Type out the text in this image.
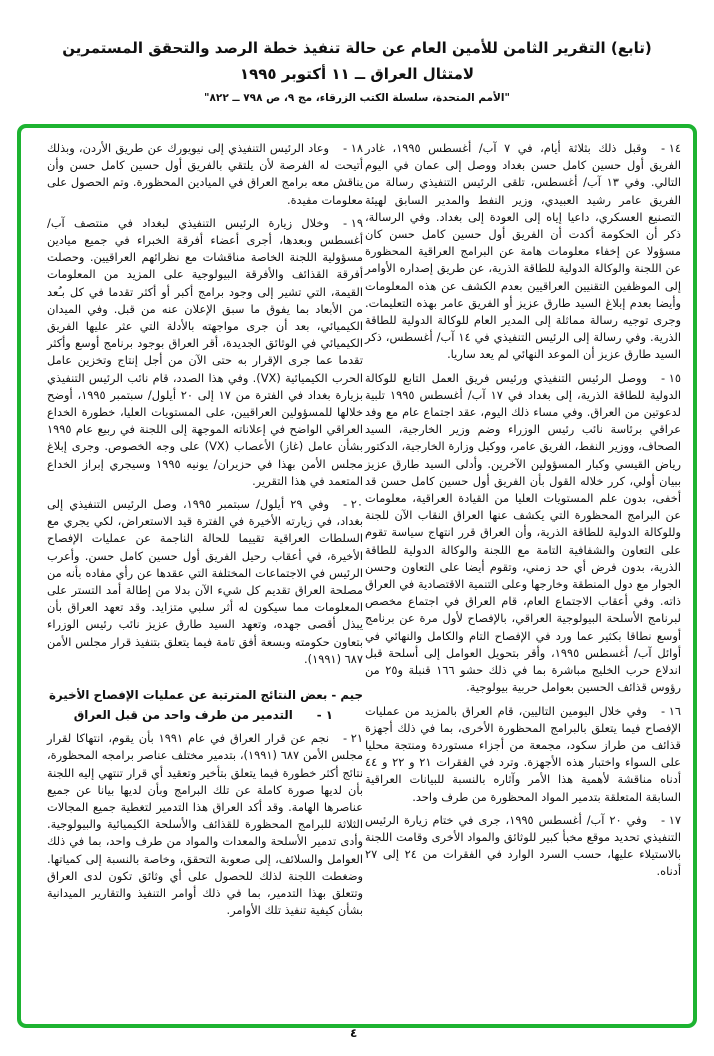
(تابع) التقرير الثامن للأمين العام عن حالة تنفيذ خطة الرصد والتحقق المستمرين
لامتثال العراق ــ ١١ أكتوبر ١٩٩٥
"الأمم المتحدة، سلسلة الكتب الزرقاء، مج ٩، ص ٧٩٨ ــ ٨٢٢"

١٤ -وقبل ذلك بثلاثة أيام، في ٧ آب/ أغسطس ١٩٩٥، غادر الفريق أول حسين كامل حسن بغداد ووصل إلى عمان في اليوم التالي. وفي ١٣ آب/ أغسطس، تلقى الرئيس التنفيذي رسالة من الفريق عامر رشيد العبيدي، وزير النفط والمدير السابق لهيئة التصنيع العسكري، داعيا إياه إلى العودة إلى بغداد. وفي الرسالة، ذكر أن الحكومة أكدت أن الفريق أول حسين كامل حسن كان مسؤولا عن إخفاء معلومات هامة عن البرامج العراقية المحظورة عن اللجنة والوكالة الدولية للطاقة الذرية، عن طريق إصداره الأوامر إلى الموظفين التقنيين العراقيين بعدم الكشف عن هذه المعلومات وأيضا بعدم إبلاغ السيد طارق عزيز أو الفريق عامر بهذه التعليمات. وجرى توجيه رسالة مماثلة إلى المدير العام للوكالة الدولية للطاقة الذرية. وفي رسالة إلى الرئيس التنفيذي في ١٤ آب/ أغسطس، ذكر السيد طارق عزيز أن الموعد النهائي لم يعد ساريا.

١٥ -ووصل الرئيس التنفيذي ورئيس فريق العمل التابع للوكالة الدولية للطاقة الذرية، إلى بغداد في ١٧ آب/ أغسطس ١٩٩٥ تلبية لدعوتين من العراق. وفي مساء ذلك اليوم، عقد اجتماع عام مع وفد عراقي برئاسة نائب رئيس الوزراء وضم وزير الخارجية، السيد الصحاف، ووزير النفط، الفريق عامر، ووكيل وزارة الخارجية، الدكتور رياض القيسي وكبار المسؤولين الآخرين. وأدلى السيد طارق عزيز ببيان أولي، كرر خلاله القول بأن الفريق أول حسين كامل حسن قد أخفى، بدون علم المستويات العليا من القيادة العراقية، معلومات عن البرامج المحظورة التي يكشف عنها العراق النقاب الآن للجنة وللوكالة الدولية للطاقة الذرية، وأن العراق قرر انتهاج سياسة تقوم على التعاون والشفافية التامة مع اللجنة والوكالة الدولية للطاقة الذرية، بدون فرض أي حد زمني، وتقوم أيضا على التعاون وحسن الجوار مع دول المنطقة وخارجها وعلى التنمية الاقتصادية في العراق ذاته. وفي أعقاب الاجتماع العام، قام العراق في اجتماع مخصص لبرنامج الأسلحة البيولوجية العراقي، بالإفصاح لأول مرة عن برنامج أوسع نطاقا بكثير عما ورد في الإفصاح التام والكامل والنهائي في أوائل آب/ أغسطس ١٩٩٥، وأقر بتحويل العوامل إلى أسلحة قبل اندلاع حرب الخليج مباشرة بما في ذلك حشو ١٦٦ قنبلة و٢٥ من رؤوس قذائف الحسين بعوامل حربية بيولوجية.

١٦ -وفي خلال اليومين التاليين، قام العراق بالمزيد من عمليات الإفصاح فيما يتعلق بالبرامج المحظورة الأخرى، بما في ذلك أجهزة قذائف من طراز سكود، مجمعة من أجزاء مستوردة ومنتجة محليا على السواء واختبار هذه الأجهزة. وترد في الفقرات ٢١ و ٢٢ و ٤٤ أدناه مناقشة لأهمية هذا الأمر وآثاره بالنسبة للبيانات العراقية السابقة المتعلقة بتدمير المواد المحظورة من طرف واحد.

١٧ -وفي ٢٠ آب/ أغسطس ١٩٩٥، جرى في ختام زيارة الرئيس التنفيذي تحديد موقع مخبأ كبير للوثائق والمواد الأخرى وقامت اللجنة بالاستيلاء عليها، حسب السرد الوارد في الفقرات من ٢٤ إلى ٢٧ أدناه.

١٨ -وعاد الرئيس التنفيذي إلى نيويورك عن طريق الأردن، وبذلك أتيحت له الفرصة لأن يلتقي بالفريق أول حسين كامل حسن وأن يناقش معه برامج العراق في الميادين المحظورة. وتم الحصول على معلومات مفيدة.

١٩ -وخلال زيارة الرئيس التنفيذي لبغداد في منتصف آب/ أغسطس وبعدها، أجرى أعضاء أفرقة الخبراء في جميع ميادين مسؤولية اللجنة الخاصة مناقشات مع نظرائهم العراقيين. وحصلت أفرقة القذائف والأفرقة البيولوجية على المزيد من المعلومات القيمة، التي تشير إلى وجود برامج أكبر أو أكثر تقدما في كل بـُعد من الأبعاد بما يفوق ما سبق الإعلان عنه من قبل. وفي الميدان الكيميائي، بعد أن جرى مواجهته بالأدلة التي عثر عليها الفريق الكيميائي في الوثائق الجديدة، أقر العراق بوجود برنامج أوسع وأكثر تقدما عما جرى الإقرار به حتى الآن من أجل إنتاج وتخزين عامل الحرب الكيميائية (VX). وفي هذا الصدد، قام نائب الرئيس التنفيذي بزيارة بغداد في الفترة من ١٧ إلى ٢٠ أيلول/ سبتمبر ١٩٩٥، أوضح خلالها للمسؤولين العراقيين، على المستويات العليا، خطورة الخداع العراقي الواضح في إعلاناته الموجهة إلى اللجنة في ربيع عام ١٩٩٥ بشأن عامل (غاز) الأعصاب (VX) على وجه الخصوص. وجرى إبلاغ مجلس الأمن بهذا في حزيران/ يونيه ١٩٩٥ وسيجري إبراز الخداع المتعمد في هذا التقرير.

٢٠ -وفي ٢٩ أيلول/ سبتمبر ١٩٩٥، وصل الرئيس التنفيذي إلى بغداد، في زيارته الأخيرة في الفترة قيد الاستعراض، لكي يجري مع السلطات العراقية تقييما للحالة الناجمة عن عمليات الإفصاح الأخيرة، في أعقاب رحيل الفريق أول حسين كامل حسن. وأعرب الرئيس في الاجتماعات المختلفة التي عقدها عن رأي مفاده بأنه من مصلحة العراق تقديم كل شيء الآن بدلا من إطالة أمد التستر على المعلومات مما سيكون له أثر سلبي متزايد. وقد تعهد العراق بأن يبذل أقصى جهده، وتعهد السيد طارق عزيز نائب رئيس الوزراء بتعاون حكومته وبسعة أفق تامة فيما يتعلق بتنفيذ قرار مجلس الأمن ٦٨٧ (١٩٩١).

جيم - بعض النتائج المترتبة عن عمليات الإفصاح الأخيرة
١ -التدمير من طرف واحد من قبل العراق

٢١ -نجم عن قرار العراق في عام ١٩٩١ بأن يقوم، انتهاكا لقرار مجلس الأمن ٦٨٧ (١٩٩١)، بتدمير مختلف عناصر برامجه المحظورة، نتائج أكثر خطورة فيما يتعلق بتأخير وتعقيد أي قرار تنتهي إليه اللجنة بأن لديها صورة كاملة عن تلك البرامج وبأن لديها بيانا عن جميع عناصرها الهامة. وقد أكد العراق هذا التدمير لتغطية جميع المجالات الثلاثة للبرامج المحظورة للقذائف والأسلحة الكيميائية والبيولوجية. وأدى تدمير الأسلحة والمعدات والمواد من طرف واحد، بما في ذلك العوامل والسلائف، إلى صعوبة التحقق، وخاصة بالنسبة إلى كمياتها. وضغطت اللجنة لذلك للحصول على أي وثائق تكون لدى العراق وتتعلق بهذا التدمير، بما في ذلك أوامر التنفيذ والتقارير الميدانية بشأن كيفية تنفيذ تلك الأوامر.

٤
